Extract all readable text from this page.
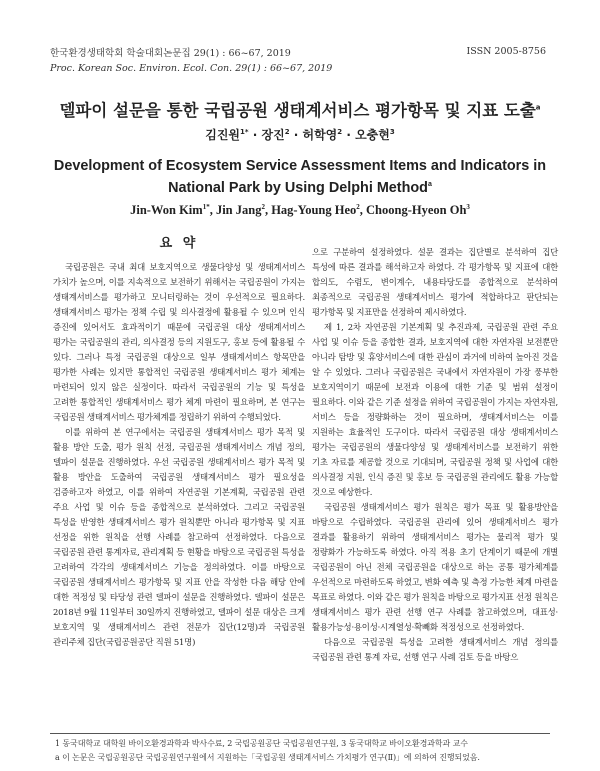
한국환경생태학회 학술대회논문집 29(1) : 66~67, 2019
Proc. Korean Soc. Environ. Ecol. Con. 29(1) : 66~67, 2019
ISSN 2005-8756
델파이 설문을 통한 국립공원 생태계서비스 평가항목 및 지표 도출$^a$
김진원$^{1*}$ · 장진$^2$ · 허학영$^2$ · 오충현$^3$
Development of Ecosystem Service Assessment Items and Indicators in National Park by Using Delphi Method$^a$
Jin-Won Kim$^{1*}$, Jin Jang$^2$, Hag-Young Heo$^2$, Choong-Hyeon Oh$^3$
요 약

국립공원은 국내 최대 보호지역으로 생물다양성 및 생태계서비스 가치가 높으며, 이를 지속적으로 보전하기 위해서는 국립공원이 가지는 생태계서비스를 평가하고 모니터링하는 것이 우선적으로 필요하다. 생태계서비스 평가는 정책 수립 및 의사결정에 활용될 수 있으며 인식 증진에 있어서도 효과적이기 때문에 국립공원 대상 생태계서비스 평가는 국립공원의 관리, 의사결정 등의 지원도구, 홍보 등에 활용될 수 있다. 그러나 특정 국립공원 대상으로 일부 생태계서비스 항목만을 평가한 사례는 있지만 통합적인 국립공원 생태계서비스 평가 체계는 마련되어 있지 않은 실정이다. 따라서 국립공원의 기능 및 특성을 고려한 통합적인 생태계서비스 평가 체계 마련이 필요하며, 본 연구는 국립공원 생태계서비스 평가체계를 정립하기 위하여 수행되었다.

이를 위하여 본 연구에서는 국립공원 생태계서비스 평가 목적 및 활용 방안 도출, 평가 원칙 선정, 국립공원 생태계서비스 개념 정의, 델파이 설문을 진행하였다. 우선 국립공원 생태계서비스 평가 목적 및 활용 방안을 도출하여 국립공원 생태계서비스 평가 필요성을 검증하고자 하였고, 이를 위하여 자연공원 기본계획, 국립공원 관련 주요 사업 및 이슈 등을 종합적으로 분석하였다. 그리고 국립공원 특성을 반영한 생태계서비스 평가 원칙뿐만 아니라 평가항목 및 지표 선정을 위한 원칙을 선행 사례를 참고하여 선정하였다. 다음으로 국립공원 관련 통계자료, 관리계획 등 현황을 바탕으로 국립공원 특성을 고려하여 각각의 생태계서비스 기능을 정의하였다. 이를 바탕으로 국립공원 생태계서비스 평가항목 및 지표 안을 작성한 다음 해당 안에 대한 적정성 및 타당성 관련 델파이 설문을 진행하였다. 델파이 설문은 2018년 9월 11일부터 30일까지 진행하였고, 델파이 설문 대상은 크게 보호지역 및 생태계서비스 관련 전문가 집단(12명)과 국립공원 관리주체 집단(국립공원공단 직원 51명)

으로 구분하여 설정하였다. 설문 결과는 집단별로 분석하여 집단 특성에 따른 결과를 해석하고자 하였다. 각 평가항목 및 지표에 대한 합의도, 수렴도, 변이계수, 내용타당도를 종합적으로 분석하여 최종적으로 국립공원 생태계서비스 평가에 적합하다고 판단되는 평가항목 및 지표만을 선정하여 제시하였다.

제 1, 2차 자연공원 기본계획 및 추진과제, 국립공원 관련 주요 사업 및 이슈 등을 종합한 결과, 보호지역에 대한 자연자원 보전뿐만 아니라 탐방 및 휴양서비스에 대한 관심이 과거에 비하여 높아진 것을 알 수 있었다. 그러나 국립공원은 국내에서 자연자원이 가장 풍부한 보호지역이기 때문에 보전과 이용에 대한 기준 및 범위 설정이 필요하다. 이와 같은 기준 설정을 위하여 국립공원이 가지는 자연자원, 서비스 등을 정량화하는 것이 필요하며, 생태계서비스는 이를 지원하는 효율적인 도구이다. 따라서 국립공원 대상 생태계서비스 평가는 국립공원의 생물다양성 및 생태계서비스를 보전하기 위한 기초 자료를 제공할 것으로 기대되며, 국립공원 정책 및 사업에 대한 의사결정 지원, 인식 증진 및 홍보 등 국립공원 관리에도 활용 가능할 것으로 예상한다.

국립공원 생태계서비스 평가 원칙은 평가 목표 및 활용방안을 바탕으로 수립하였다. 국립공원 관리에 있어 생태계서비스 평가 결과를 활용하기 위하여 생태계서비스 평가는 물리적 평가 및 정량화가 가능하도록 하였다. 아직 적용 초기 단계이기 때문에 개별 국립공원이 아닌 전체 국립공원을 대상으로 하는 공통 평가체계를 우선적으로 마련하도록 하였고, 변화 예측 및 측정 가능한 체계 마련을 목표로 하였다. 이와 같은 평가 원칙을 바탕으로 평가지표 선정 원칙은 생태계서비스 평가 관련 선행 연구 사례를 참고하였으며, 대표성·활용가능성·용이성·시계열성·확빼화 적정성으로 선정하였다.

다음으로 국립공원 특성을 고려한 생태계서비스 개념 정의를 국립공원 관련 통계 자료, 선행 연구 사례 검토 등을 바탕으

1 동국대학교 대학원 바이오환경과학과 박사수료, 2 국립공원공단 국립공원연구원, 3 동국대학교 바이오환경과학과 교수
a 이 논문은 국립공원공단 국립공원연구원에서 지원하는「국립공원 생태계서비스 가치평가 연구(Ⅱ)」에 의하여 진행되었음.
